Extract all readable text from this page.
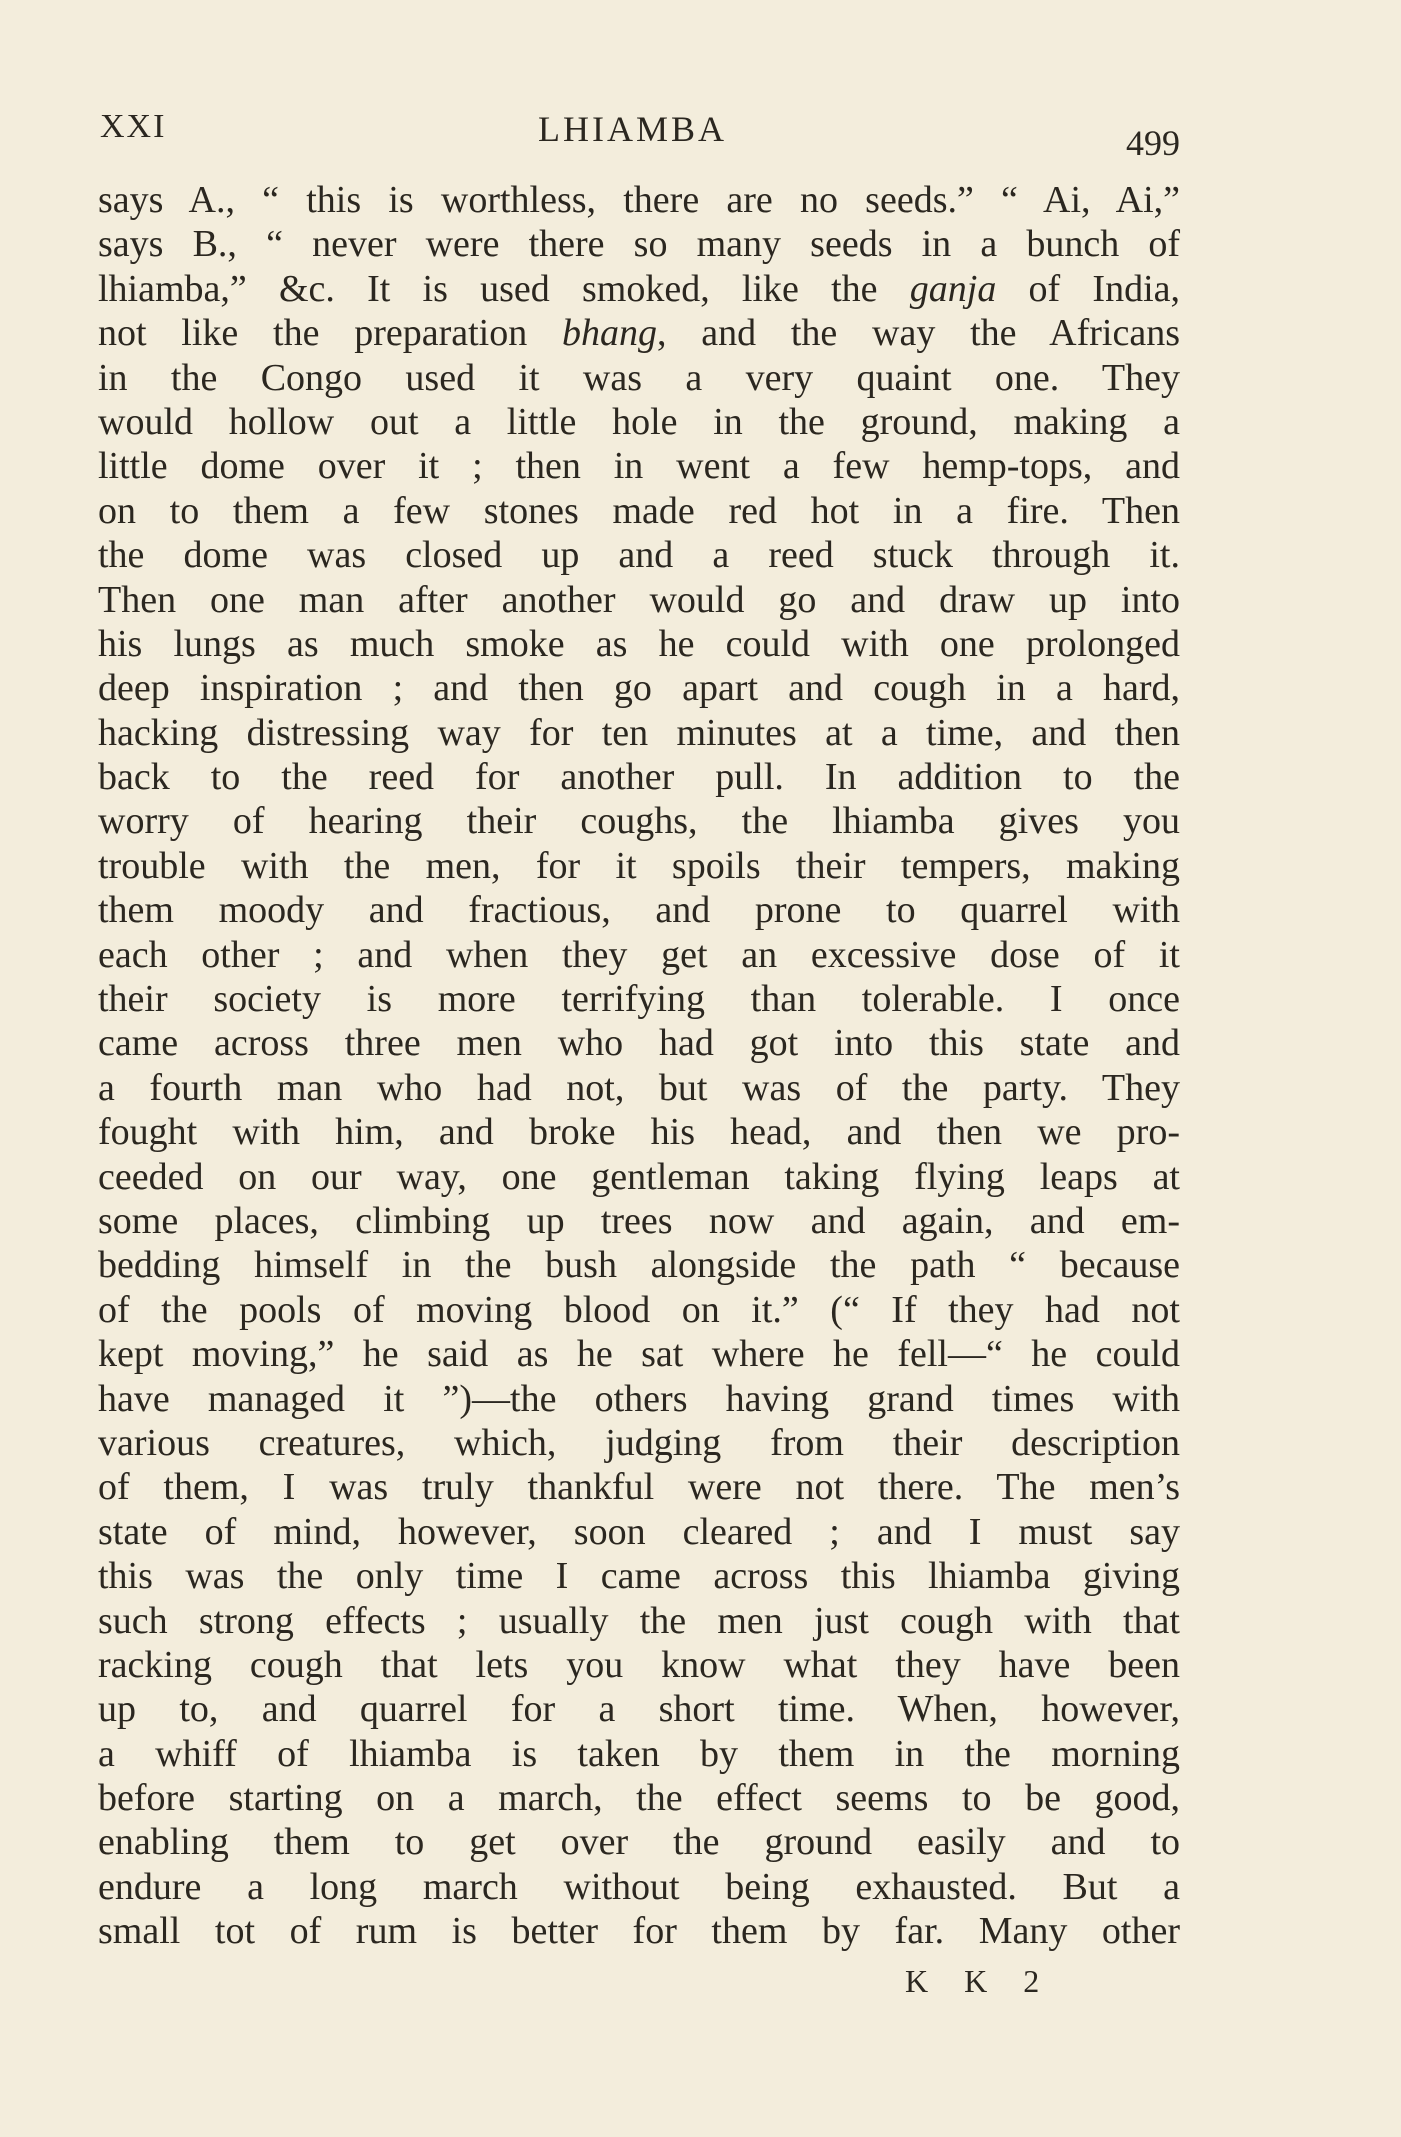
XXI	LHIAMBA	499
says A., “ this is worthless, there are no seeds.” “ Ai, Ai,”
says B., “ never were there so many seeds in a bunch of
lhiamba,” &c. It is used smoked, like the ganja of India,
not like the preparation bhang, and the way the Africans
in the Congo used it was a very quaint one. They
would hollow out a little hole in the ground, making a
little dome over it ; then in went a few hemp-tops, and
on to them a few stones made red hot in a fire. Then
the dome was closed up and a reed stuck through it.
Then one man after another would go and draw up into
his lungs as much smoke as he could with one prolonged
deep inspiration ; and then go apart and cough in a hard,
hacking distressing way for ten minutes at a time, and then
back to the reed for another pull. In addition to the
worry of hearing their coughs, the lhiamba gives you
trouble with the men, for it spoils their tempers, making
them moody and fractious, and prone to quarrel with
each other ; and when they get an excessive dose of it
their society is more terrifying than tolerable. I once
came across three men who had got into this state and
a fourth man who had not, but was of the party. They
fought with him, and broke his head, and then we pro-
ceeded on our way, one gentleman taking flying leaps at
some places, climbing up trees now and again, and em-
bedding himself in the bush alongside the path “ because
of the pools of moving blood on it.” (“ If they had not
kept moving,” he said as he sat where he fell—“ he could
have managed it ”)—the others having grand times with
various creatures, which, judging from their description
of them, I was truly thankful were not there. The men’s
state of mind, however, soon cleared ; and I must say
this was the only time I came across this lhiamba giving
such strong effects ; usually the men just cough with that
racking cough that lets you know what they have been
up to, and quarrel for a short time. When, however,
a whiff of lhiamba is taken by them in the morning
before starting on a march, the effect seems to be good,
enabling them to get over the ground easily and to
endure a long march without being exhausted. But a
small tot of rum is better for them by far. Many other
K K 2
